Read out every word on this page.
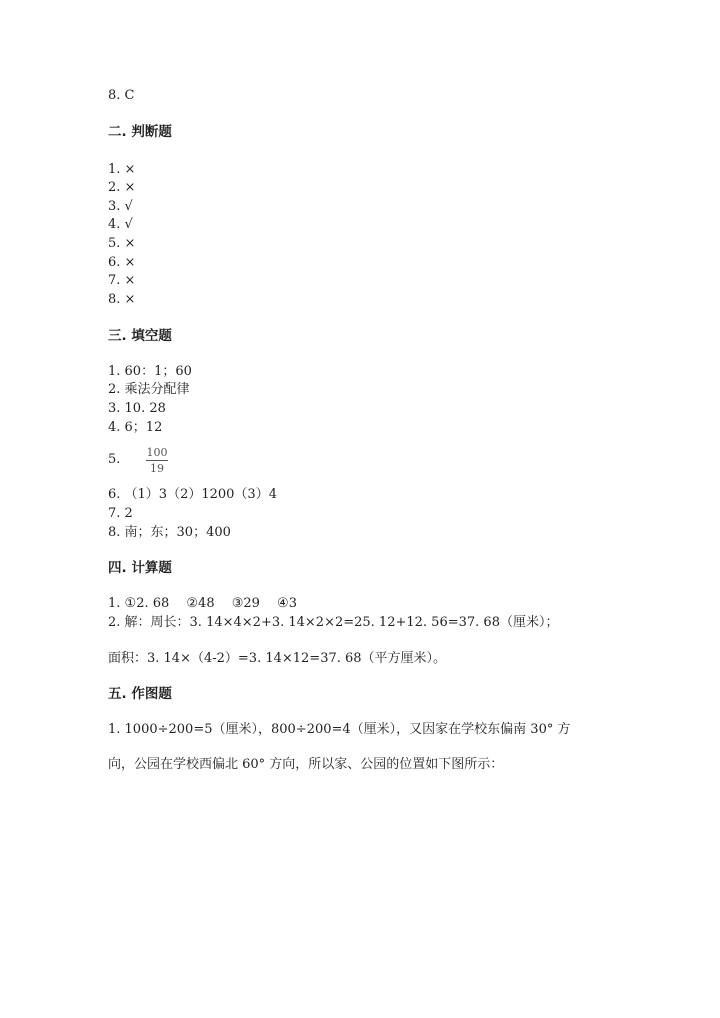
8. C
二. 判断题
1. ×
2. ×
3. √
4. √
5. ×
6. ×
7. ×
8. ×
三. 填空题
1. 60：1；60
2. 乘法分配律
3. 10. 28
4. 6；12
5. 100
19
6. （1）3（2）1200（3）4
7. 2
8. 南；东；30；400
四. 计算题
1. ①2. 68　 ②48　 ③29　 ④3
2. 解：周长：3. 14×4×2+3. 14×2×2=25. 12+12. 56=37. 68（厘米）；
面积：3. 14×（4-2）=3. 14×12=37. 68（平方厘米）。
五. 作图题
1. 1000÷200=5（厘米），800÷200=4（厘米），又因家在学校东偏南 30° 方
向，公园在学校西偏北 60° 方向，所以家、公园的位置如下图所示：
